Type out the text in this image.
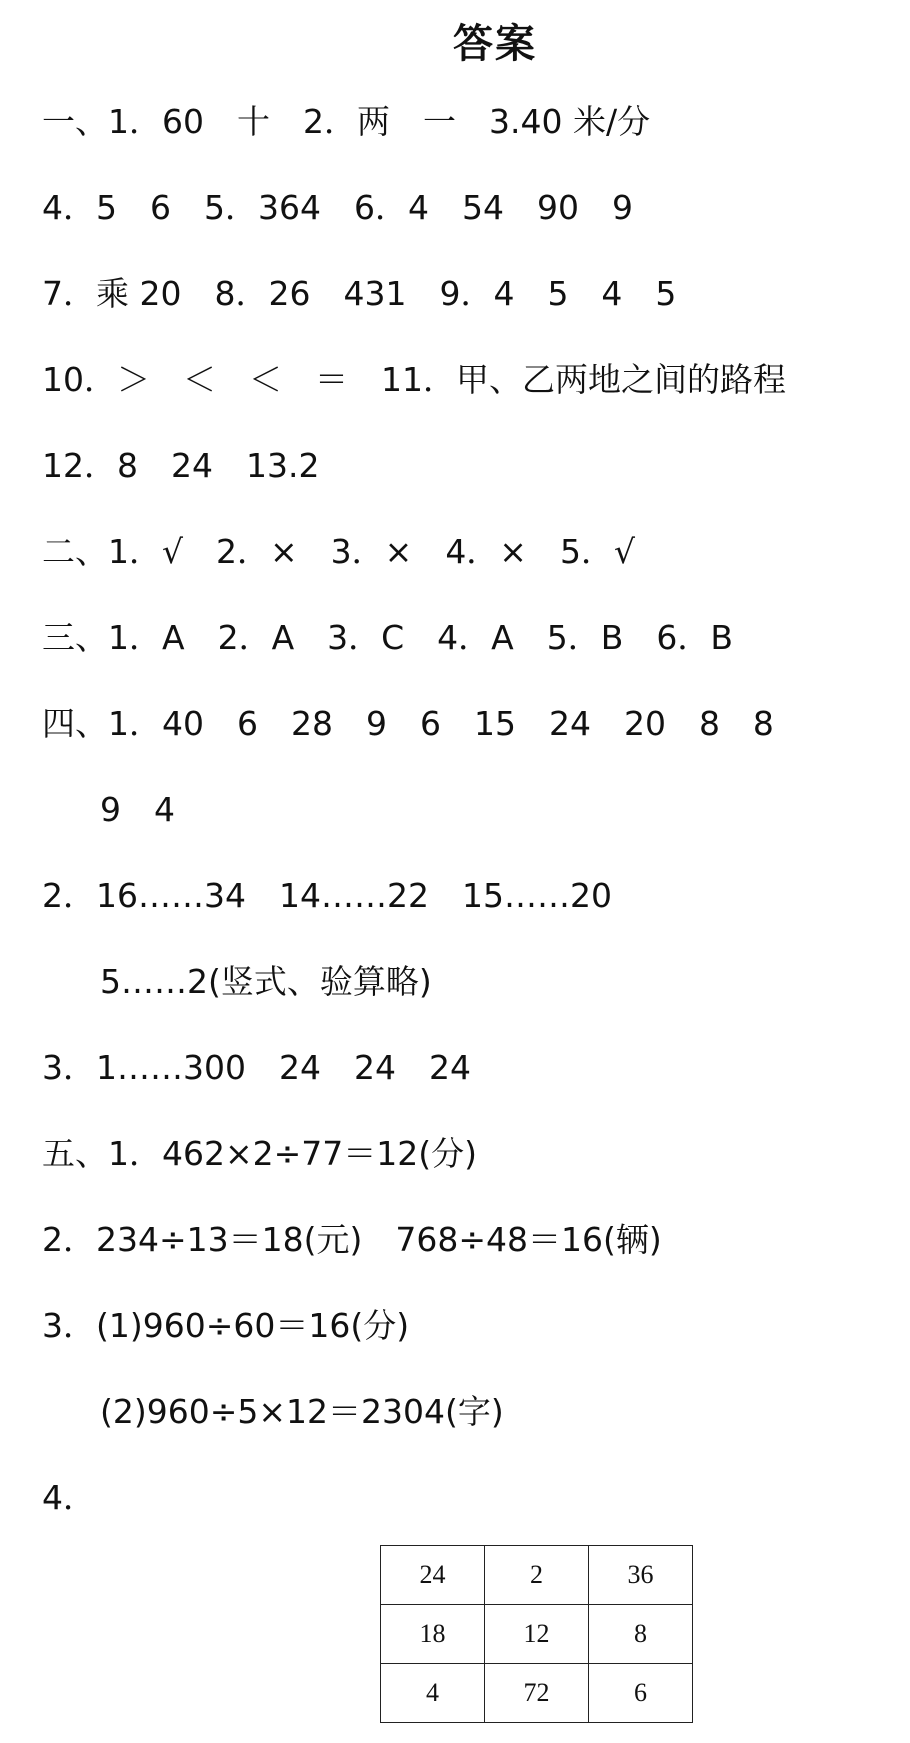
答案
一、1．60　十　2．两　一　3.40 米/分
4．5　6　5．364　6．4　54　90　9
7．乘 20　8．26　431　9．4　5　4　5
10．＞　＜　＜　＝　11．甲、乙两地之间的路程
12．8　24　13.2
二、1．√　2．×　3．×　4．×　5．√
三、1．A　2．A　3．C　4．A　5．B　6．B
四、1．40　6　28　9　6　15　24　20　8　8
9　4
2．16……34　14……22　15……20
5……2(竖式、验算略)
3．1……300　24　24　24
五、1．462×2÷77＝12(分)
2．234÷13＝18(元)　768÷48＝16(辆)
3．(1)960÷60＝16(分)
(2)960÷5×12＝2304(字)
4．
24	2	36
18	12	8
4	72	6
